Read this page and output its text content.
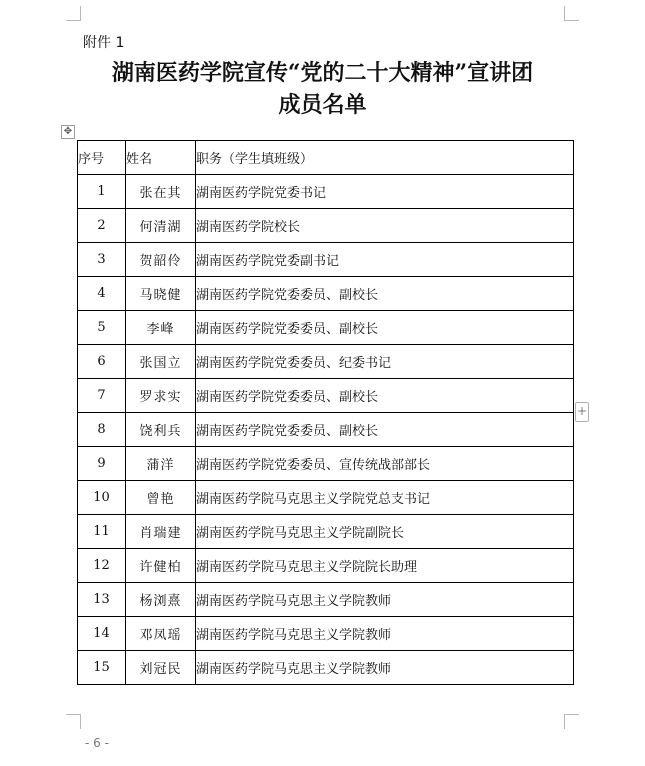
附件 1
湖南医药学院宣传“党的二十大精神”宣讲团
成员名单
✥
+
序号	姓名	职务（学生填班级）
1	张在其	湖南医药学院党委书记
2	何清湖	湖南医药学院校长
3	贺韶伶	湖南医药学院党委副书记
4	马晓健	湖南医药学院党委委员、副校长
5	李峰	湖南医药学院党委委员、副校长
6	张国立	湖南医药学院党委委员、纪委书记
7	罗求实	湖南医药学院党委委员、副校长
8	饶利兵	湖南医药学院党委委员、副校长
9	蒲洋	湖南医药学院党委委员、宣传统战部部长
10	曾艳	湖南医药学院马克思主义学院党总支书记
11	肖瑞建	湖南医药学院马克思主义学院副院长
12	许健柏	湖南医药学院马克思主义学院院长助理
13	杨浏熹	湖南医药学院马克思主义学院教师
14	邓凤瑶	湖南医药学院马克思主义学院教师
15	刘冠民	湖南医药学院马克思主义学院教师
- 6 -
